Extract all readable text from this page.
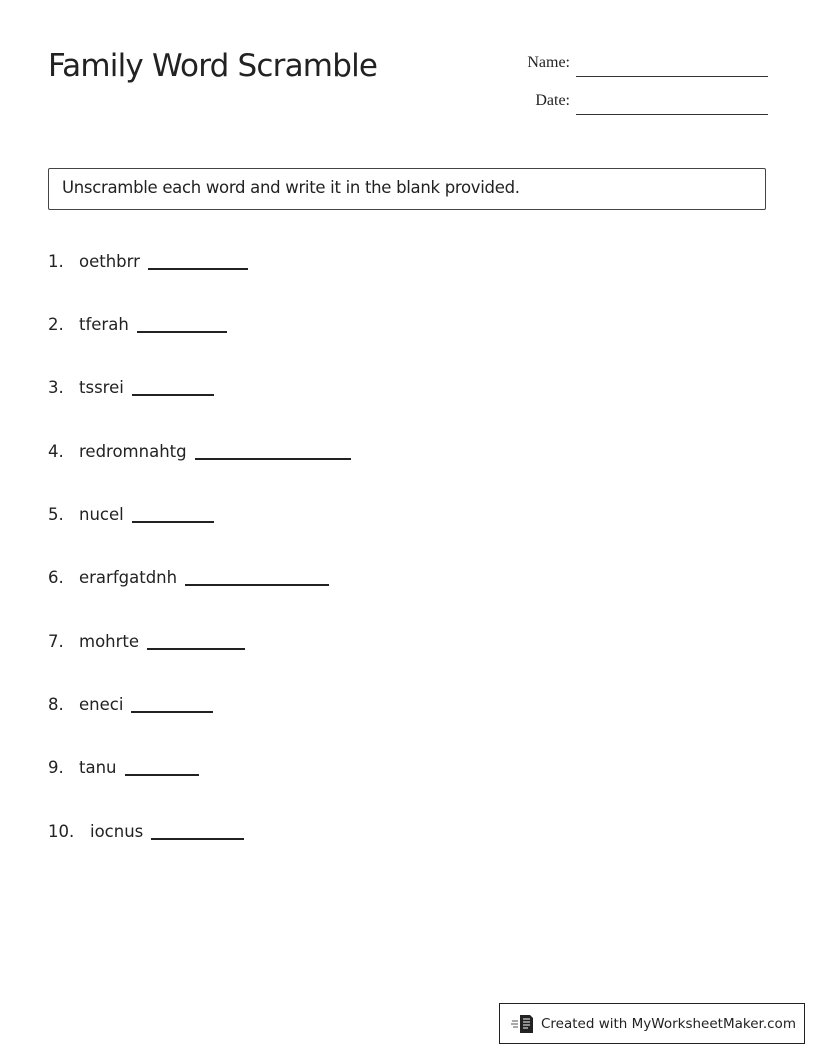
Family Word Scramble	Name:
Date:
Unscramble each word and write it in the blank provided.
1. oethbrr
2. tferah
3. tssrei
4. redromnahtg
5. nucel
6. erarfgatdnh
7. mohrte
8. eneci
9. tanu
10. iocnus
Created with MyWorksheetMaker.com
